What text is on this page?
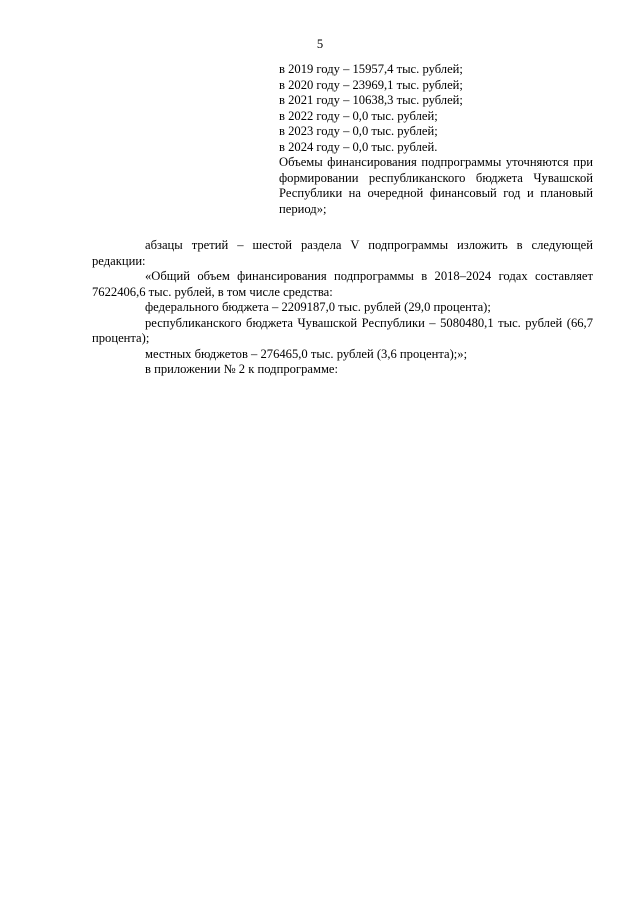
5
в 2019 году – 15957,4 тыс. рублей;
в 2020 году – 23969,1 тыс. рублей;
в 2021 году – 10638,3 тыс. рублей;
в 2022 году – 0,0 тыс. рублей;
в 2023 году – 0,0 тыс. рублей;
в 2024 году – 0,0 тыс. рублей.
Объемы финансирования подпрограммы уточняются при формировании республиканского бюджета Чувашской Республики на очередной финансовый год и плановый период»;

абзацы третий – шестой раздела V подпрограммы изложить в следующей редакции:

«Общий объем финансирования подпрограммы в 2018–2024 годах составляет 7622406,6 тыс. рублей, в том числе средства:

федерального бюджета – 2209187,0 тыс. рублей (29,0 процента);

республиканского бюджета Чувашской Республики – 5080480,1 тыс. рублей (66,7 процента);

местных бюджетов – 276465,0 тыс. рублей (3,6 процента);»;

в приложении № 2 к подпрограмме:
